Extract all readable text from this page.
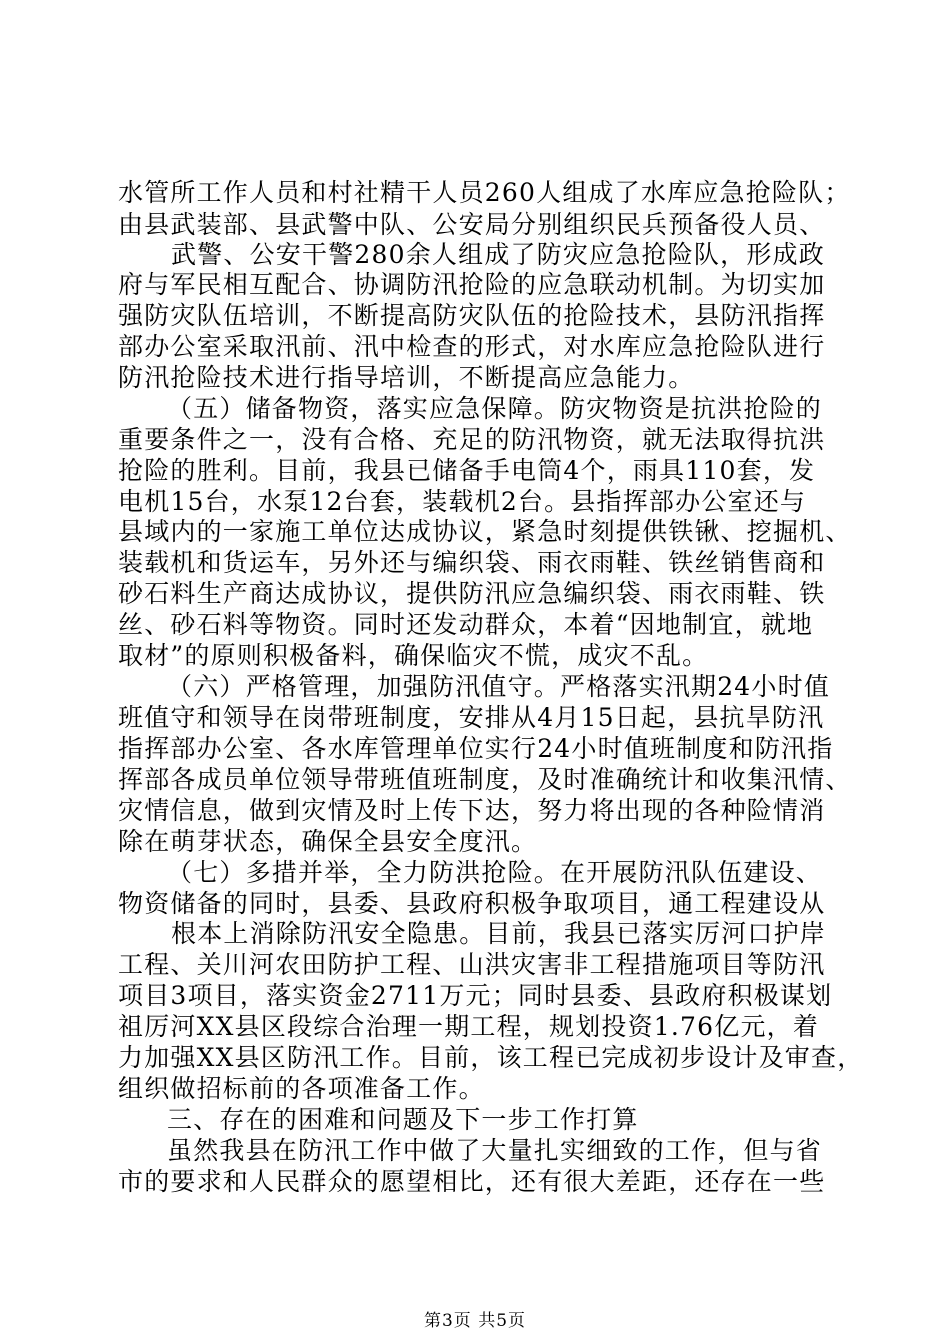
水管所工作人员和村社精干人员260人组成了水库应急抢险队；
由县武装部、县武警中队、公安局分别组织民兵预备役人员、
武警、公安干警280余人组成了防灾应急抢险队，形成政
府与军民相互配合、协调防汛抢险的应急联动机制。为切实加
强防灾队伍培训，不断提高防灾队伍的抢险技术，县防汛指挥
部办公室采取汛前、汛中检查的形式，对水库应急抢险队进行
防汛抢险技术进行指导培训，不断提高应急能力。
（五）储备物资，落实应急保障。防灾物资是抗洪抢险的
重要条件之一，没有合格、充足的防汛物资，就无法取得抗洪
抢险的胜利。目前，我县已储备手电筒4个，雨具110套，发
电机15台，水泵12台套，装载机2台。县指挥部办公室还与
县域内的一家施工单位达成协议，紧急时刻提供铁锹、挖掘机、
装载机和货运车，另外还与编织袋、雨衣雨鞋、铁丝销售商和
砂石料生产商达成协议，提供防汛应急编织袋、雨衣雨鞋、铁
丝、砂石料等物资。同时还发动群众，本着“因地制宜，就地
取材”的原则积极备料，确保临灾不慌，成灾不乱。
（六）严格管理，加强防汛值守。严格落实汛期24小时值
班值守和领导在岗带班制度，安排从4月15日起，县抗旱防汛
指挥部办公室、各水库管理单位实行24小时值班制度和防汛指
挥部各成员单位领导带班值班制度，及时准确统计和收集汛情、
灾情信息，做到灾情及时上传下达，努力将出现的各种险情消
除在萌芽状态，确保全县安全度汛。
（七）多措并举，全力防洪抢险。在开展防汛队伍建设、
物资储备的同时，县委、县政府积极争取项目，通工程建设从
根本上消除防汛安全隐患。目前，我县已落实厉河口护岸
工程、关川河农田防护工程、山洪灾害非工程措施项目等防汛
项目3项目，落实资金2711万元；同时县委、县政府积极谋划
祖厉河XX县区段综合治理一期工程，规划投资1.76亿元，着
力加强XX县区防汛工作。目前，该工程已完成初步设计及审查，
组织做招标前的各项准备工作。
三、存在的困难和问题及下一步工作打算
虽然我县在防汛工作中做了大量扎实细致的工作，但与省
市的要求和人民群众的愿望相比，还有很大差距，还存在一些
第3页 共5页
